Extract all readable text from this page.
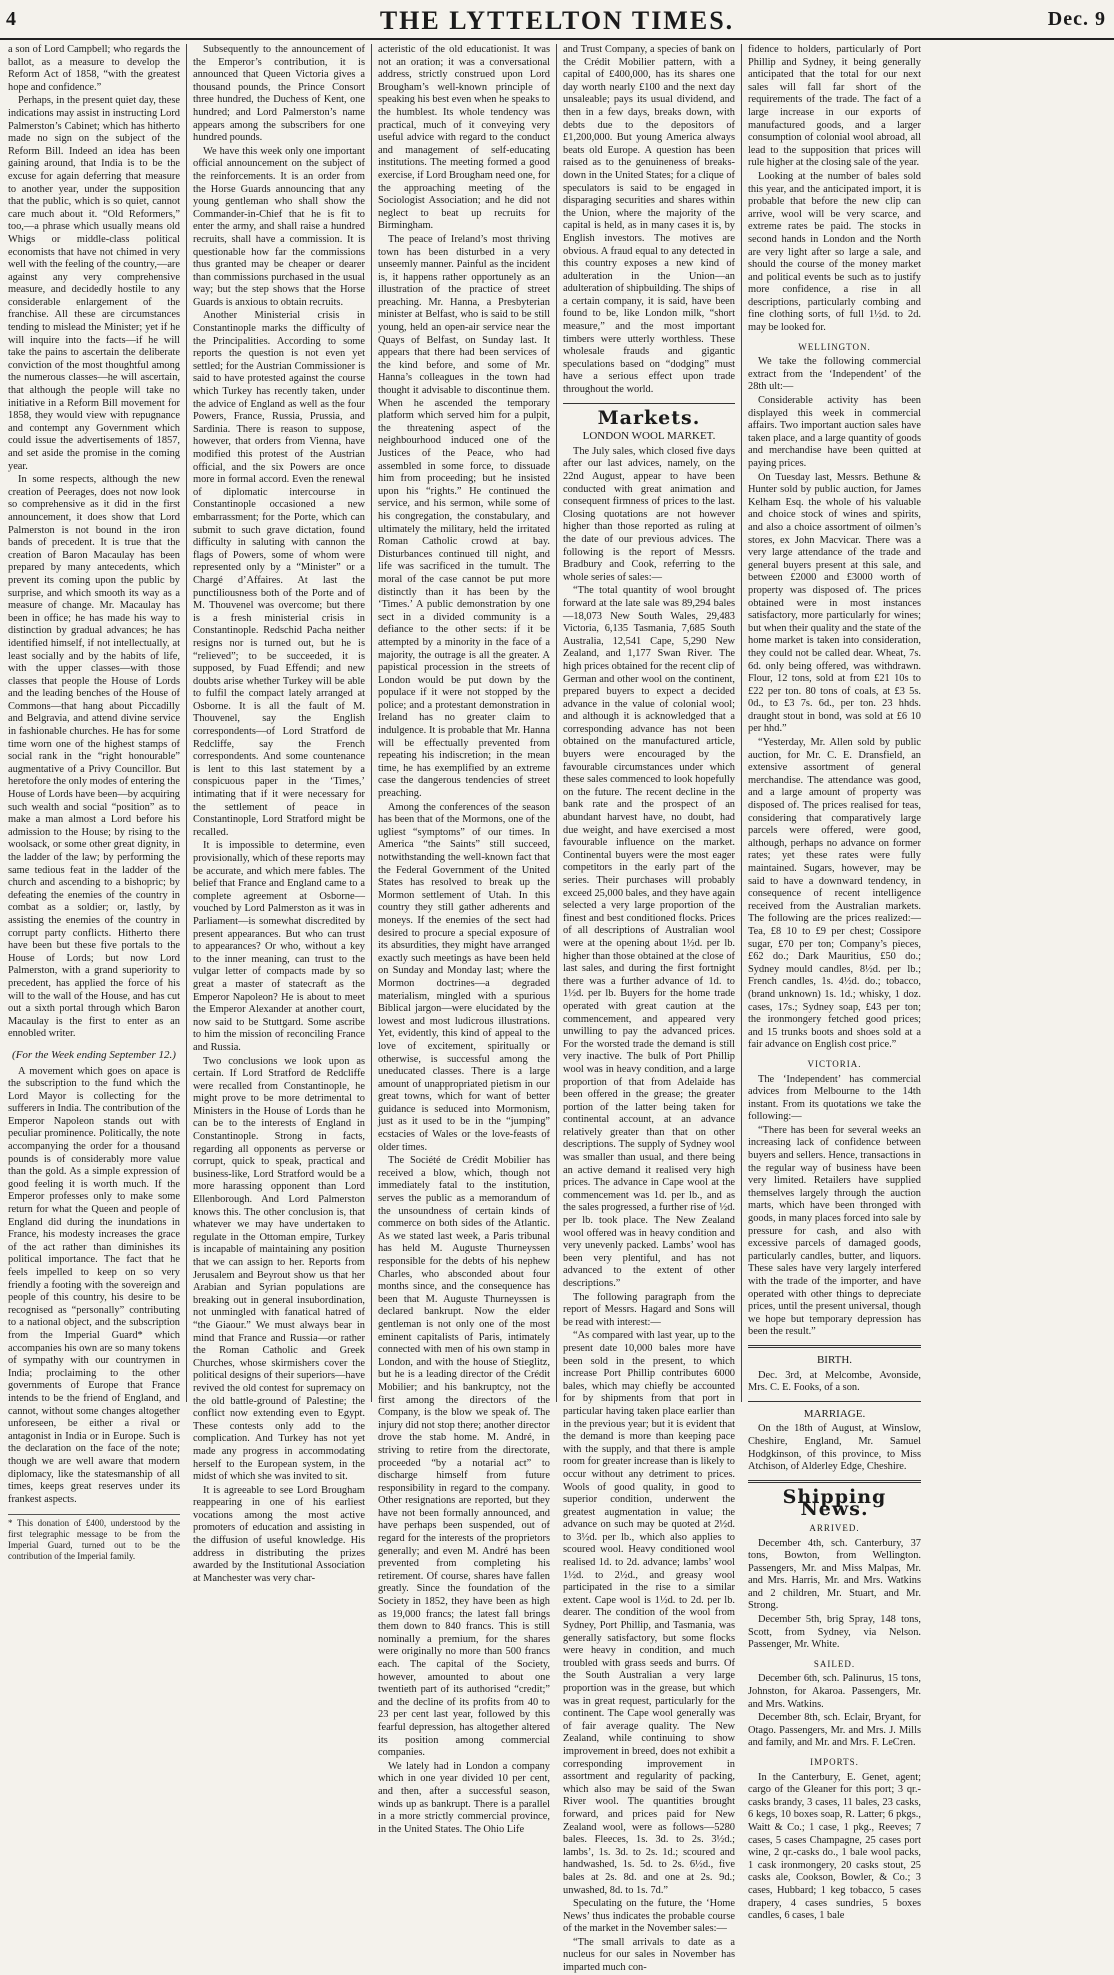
4	THE LYTTELTON TIMES.	Dec. 9

a son of Lord Campbell; who regards the ballot, as a measure to develop the Reform Act of 1858, “with the greatest hope and confidence.”

Perhaps, in the present quiet day, these indications may assist in instructing Lord Palmerston’s Cabinet; which has hitherto made no sign on the subject of the Reform Bill. Indeed an idea has been gaining around, that India is to be the excuse for again deferring that measure to another year, under the supposition that the public, which is so quiet, cannot care much about it. “Old Reformers,” too,—a phrase which usually means old Whigs or middle-class political economists that have not chimed in very well with the feeling of the country,—are against any very comprehensive measure, and decidedly hostile to any considerable enlargement of the franchise. All these are circumstances tending to mislead the Minister; yet if he will inquire into the facts—if he will take the pains to ascertain the deliberate conviction of the most thoughtful among the numerous classes—he will ascertain, that although the people will take no initiative in a Reform Bill movement for 1858, they would view with repugnance and contempt any Government which could issue the advertisements of 1857, and set aside the promise in the coming year.

In some respects, although the new creation of Peerages, does not now look so comprehensive as it did in the first announcement, it does show that Lord Palmerston is not bound in the iron bands of precedent. It is true that the creation of Baron Macaulay has been prepared by many antecedents, which prevent its coming upon the public by surprise, and which smooth its way as a measure of change. Mr. Macaulay has been in office; he has made his way to distinction by gradual advances; he has identified himself, if not intellectually, at least socially and by the habits of life, with the upper classes—with those classes that people the House of Lords and the leading benches of the House of Commons—that hang about Piccadilly and Belgravia, and attend divine service in fashionable churches. He has for some time worn one of the highest stamps of social rank in the “right honourable” augmentative of a Privy Councillor. But heretofore the only modes of entering the House of Lords have been—by acquiring such wealth and social “position” as to make a man almost a Lord before his admission to the House; by rising to the woolsack, or some other great dignity, in the ladder of the law; by performing the same tedious feat in the ladder of the church and ascending to a bishopric; by defeating the enemies of the country in combat as a soldier; or, lastly, by assisting the enemies of the country in corrupt party conflicts. Hitherto there have been but these five portals to the House of Lords; but now Lord Palmerston, with a grand superiority to precedent, has applied the force of his will to the wall of the House, and has cut out a sixth portal through which Baron Macaulay is the first to enter as an ennobled writer.

(For the Week ending September 12.)

A movement which goes on apace is the subscription to the fund which the Lord Mayor is collecting for the sufferers in India. The contribution of the Emperor Napoleon stands out with peculiar prominence. Politically, the note accompanying the order for a thousand pounds is of considerably more value than the gold. As a simple expression of good feeling it is worth much. If the Emperor professes only to make some return for what the Queen and people of England did during the inundations in France, his modesty increases the grace of the act rather than diminishes its political importance. The fact that he feels impelled to keep on so very friendly a footing with the sovereign and people of this country, his desire to be recognised as “personally” contributing to a national object, and the subscription from the Imperial Guard* which accompanies his own are so many tokens of sympathy with our countrymen in India; proclaiming to the other governments of Europe that France intends to be the friend of England, and cannot, without some changes altogether unforeseen, be either a rival or antagonist in India or in Europe. Such is the declaration on the face of the note; though we are well aware that modern diplomacy, like the statesmanship of all times, keeps great reserves under its frankest aspects.

* This donation of £400, understood by the first telegraphic message to be from the Imperial Guard, turned out to be the contribution of the Imperial family.

Subsequently to the announcement of the Emperor’s contribution, it is announced that Queen Victoria gives a thousand pounds, the Prince Consort three hundred, the Duchess of Kent, one hundred; and Lord Palmerston’s name appears among the subscribers for one hundred pounds.

We have this week only one important official announcement on the subject of the reinforcements. It is an order from the Horse Guards announcing that any young gentleman who shall show the Commander-in-Chief that he is fit to enter the army, and shall raise a hundred recruits, shall have a commission. It is questionable how far the commissions thus granted may be cheaper or dearer than commissions purchased in the usual way; but the step shows that the Horse Guards is anxious to obtain recruits.

Another Ministerial crisis in Constantinople marks the difficulty of the Principalities. According to some reports the question is not even yet settled; for the Austrian Commissioner is said to have protested against the course which Turkey has recently taken, under the advice of England as well as the four Powers, France, Russia, Prussia, and Sardinia. There is reason to suppose, however, that orders from Vienna, have modified this protest of the Austrian official, and the six Powers are once more in formal accord. Even the renewal of diplomatic intercourse in Constantinople occasioned a new embarrassment; for the Porte, which can submit to such grave dictation, found difficulty in saluting with cannon the flags of Powers, some of whom were represented only by a “Minister” or a Chargé d’Affaires. At last the punctiliousness both of the Porte and of M. Thouvenel was overcome; but there is a fresh ministerial crisis in Constantinople. Redschid Pacha neither resigns nor is turned out, but he is “relieved”; to be succeeded, it is supposed, by Fuad Effendi; and new doubts arise whether Turkey will be able to fulfil the compact lately arranged at Osborne. It is all the fault of M. Thouvenel, say the English correspondents—of Lord Stratford de Redcliffe, say the French correspondents. And some countenance is lent to this last statement by a conspicuous paper in the ‘Times,’ intimating that if it were necessary for the settlement of peace in Constantinople, Lord Stratford might be recalled.

It is impossible to determine, even provisionally, which of these reports may be accurate, and which mere fables. The belief that France and England came to a complete agreement at Osborne—vouched by Lord Palmerston as it was in Parliament—is somewhat discredited by present appearances. But who can trust to appearances? Or who, without a key to the inner meaning, can trust to the vulgar letter of compacts made by so great a master of statecraft as the Emperor Napoleon? He is about to meet the Emperor Alexander at another court, now said to be Stuttgard. Some ascribe to him the mission of reconciling France and Russia.

Two conclusions we look upon as certain. If Lord Stratford de Redcliffe were recalled from Constantinople, he might prove to be more detrimental to Ministers in the House of Lords than he can be to the interests of England in Constantinople. Strong in facts, regarding all opponents as perverse or corrupt, quick to speak, practical and business-like, Lord Stratford would be a more harassing opponent than Lord Ellenborough. And Lord Palmerston knows this. The other conclusion is, that whatever we may have undertaken to regulate in the Ottoman empire, Turkey is incapable of maintaining any position that we can assign to her. Reports from Jerusalem and Beyrout show us that her Arabian and Syrian populations are breaking out in general insubordination, not unmingled with fanatical hatred of “the Giaour.” We must always bear in mind that France and Russia—or rather the Roman Catholic and Greek Churches, whose skirmishers cover the political designs of their superiors—have revived the old contest for supremacy on the old battle-ground of Palestine; the conflict now extending even to Egypt. These contests only add to the complication. And Turkey has not yet made any progress in accommodating herself to the European system, in the midst of which she was invited to sit.

It is agreeable to see Lord Brougham reappearing in one of his earliest vocations among the most active promoters of education and assisting in the diffusion of useful knowledge. His address in distributing the prizes awarded by the Institutional Association at Manchester was very char-

acteristic of the old educationist. It was not an oration; it was a conversational address, strictly construed upon Lord Brougham’s well-known principle of speaking his best even when he speaks to the humblest. Its whole tendency was practical, much of it conveying very useful advice with regard to the conduct and management of self-educating institutions. The meeting formed a good exercise, if Lord Brougham need one, for the approaching meeting of the Sociologist Association; and he did not neglect to beat up recruits for Birmingham.

The peace of Ireland’s most thriving town has been disturbed in a very unseemly manner. Painful as the incident is, it happens rather opportunely as an illustration of the practice of street preaching. Mr. Hanna, a Presbyterian minister at Belfast, who is said to be still young, held an open-air service near the Quays of Belfast, on Sunday last. It appears that there had been services of the kind before, and some of Mr. Hanna’s colleagues in the town had thought it advisable to discontinue them. When he ascended the temporary platform which served him for a pulpit, the threatening aspect of the neighbourhood induced one of the Justices of the Peace, who had assembled in some force, to dissuade him from proceeding; but he insisted upon his “rights.” He continued the service, and his sermon, while some of his congregation, the constabulary, and ultimately the military, held the irritated Roman Catholic crowd at bay. Disturbances continued till night, and life was sacrificed in the tumult. The moral of the case cannot be put more distinctly than it has been by the ‘Times.’ A public demonstration by one sect in a divided community is a defiance to the other sects: if it be attempted by a minority in the face of a majority, the outrage is all the greater. A papistical procession in the streets of London would be put down by the populace if it were not stopped by the police; and a protestant demonstration in Ireland has no greater claim to indulgence. It is probable that Mr. Hanna will be effectually prevented from repeating his indiscretion; in the mean time, he has exemplified by an extreme case the dangerous tendencies of street preaching.

Among the conferences of the season has been that of the Mormons, one of the ugliest “symptoms” of our times. In America “the Saints” still succeed, notwithstanding the well-known fact that the Federal Government of the United States has resolved to break up the Mormon settlement of Utah. In this country they still gather adherents and moneys. If the enemies of the sect had desired to procure a special exposure of its absurdities, they might have arranged exactly such meetings as have been held on Sunday and Monday last; where the Mormon doctrines—a degraded materialism, mingled with a spurious Biblical jargon—were elucidated by the lowest and most ludicrous illustrations. Yet, evidently, this kind of appeal to the love of excitement, spiritually or otherwise, is successful among the uneducated classes. There is a large amount of unappropriated pietism in our great towns, which for want of better guidance is seduced into Mormonism, just as it used to be in the “jumping” ecstacies of Wales or the love-feasts of older times.

The Société de Crédit Mobilier has received a blow, which, though not immediately fatal to the institution, serves the public as a memorandum of the unsoundness of certain kinds of commerce on both sides of the Atlantic. As we stated last week, a Paris tribunal has held M. Auguste Thurneyssen responsible for the debts of his nephew Charles, who absconded about four months since, and the consequence has been that M. Auguste Thurneyssen is declared bankrupt. Now the elder gentleman is not only one of the most eminent capitalists of Paris, intimately connected with men of his own stamp in London, and with the house of Stieglitz, but he is a leading director of the Crédit Mobilier; and his bankruptcy, not the first among the directors of the Company, is the blow we speak of. The injury did not stop there; another director drove the stab home. M. André, in striving to retire from the directorate, proceeded “by a notarial act” to discharge himself from future responsibility in regard to the company. Other resignations are reported, but they have not been formally announced, and have perhaps been suspended, out of regard for the interests of the proprietors generally; and even M. André has been prevented from completing his retirement. Of course, shares have fallen greatly. Since the foundation of the Society in 1852, they have been as high as 19,000 francs; the latest fall brings them down to 840 francs. This is still nominally a premium, for the shares were originally no more than 500 francs each. The capital of the Society, however, amounted to about one twentieth part of its authorised “credit;” and the decline of its profits from 40 to 23 per cent last year, followed by this fearful depression, has altogether altered its position among commercial companies.

We lately had in London a company which in one year divided 10 per cent, and then, after a successful season, winds up as bankrupt. There is a parallel in a more strictly commercial province, in the United States. The Ohio Life

and Trust Company, a species of bank on the Crédit Mobilier pattern, with a capital of £400,000, has its shares one day worth nearly £100 and the next day unsaleable; pays its usual dividend, and then in a few days, breaks down, with debts due to the depositors of £1,200,000. But young America always beats old Europe. A question has been raised as to the genuineness of breaks-down in the United States; for a clique of speculators is said to be engaged in disparaging securities and shares within the Union, where the majority of the capital is held, as in many cases it is, by English investors. The motives are obvious. A fraud equal to any detected in this country exposes a new kind of adulteration in the Union—an adulteration of shipbuilding. The ships of a certain company, it is said, have been found to be, like London milk, “short measure,” and the most important timbers were utterly worthless. These wholesale frauds and gigantic speculations based on “dodging” must have a serious effect upon trade throughout the world.

Markets.
LONDON WOOL MARKET.

The July sales, which closed five days after our last advices, namely, on the 22nd August, appear to have been conducted with great animation and consequent firmness of prices to the last. Closing quotations are not however higher than those reported as ruling at the date of our previous advices. The following is the report of Messrs. Bradbury and Cook, referring to the whole series of sales:—

“The total quantity of wool brought forward at the late sale was 89,294 bales—18,073 New South Wales, 29,483 Victoria, 6,135 Tasmania, 7,685 South Australia, 12,541 Cape, 5,290 New Zealand, and 1,177 Swan River. The high prices obtained for the recent clip of German and other wool on the continent, prepared buyers to expect a decided advance in the value of colonial wool; and although it is acknowledged that a corresponding advance has not been obtained on the manufactured article, buyers were encouraged by the favourable circumstances under which these sales commenced to look hopefully on the future. The recent decline in the bank rate and the prospect of an abundant harvest have, no doubt, had due weight, and have exercised a most favourable influence on the market. Continental buyers were the most eager competitors in the early part of the series. Their purchases will probably exceed 25,000 bales, and they have again selected a very large proportion of the finest and best conditioned flocks. Prices of all descriptions of Australian wool were at the opening about 1½d. per lb. higher than those obtained at the close of last sales, and during the first fortnight there was a further advance of 1d. to 1½d. per lb. Buyers for the home trade operated with great caution at the commencement, and appeared very unwilling to pay the advanced prices. For the worsted trade the demand is still very inactive. The bulk of Port Phillip wool was in heavy condition, and a large proportion of that from Adelaide has been offered in the grease; the greater portion of the latter being taken for continental account, at an advance relatively greater than that on other descriptions. The supply of Sydney wool was smaller than usual, and there being an active demand it realised very high prices. The advance in Cape wool at the commencement was 1d. per lb., and as the sales progressed, a further rise of ½d. per lb. took place. The New Zealand wool offered was in heavy condition and very unevenly packed. Lambs’ wool has been very plentiful, and has not advanced to the extent of other descriptions.”

The following paragraph from the report of Messrs. Hagard and Sons will be read with interest:—

“As compared with last year, up to the present date 10,000 bales more have been sold in the present, to which increase Port Phillip contributes 6000 bales, which may chiefly be accounted for by shipments from that port in particular having taken place earlier than in the previous year; but it is evident that the demand is more than keeping pace with the supply, and that there is ample room for greater increase than is likely to occur without any detriment to prices. Wools of good quality, in good to superior condition, underwent the greatest augmentation in value; the advance on such may be quoted at 2½d. to 3½d. per lb., which also applies to scoured wool. Heavy conditioned wool realised 1d. to 2d. advance; lambs’ wool 1½d. to 2½d., and greasy wool participated in the rise to a similar extent. Cape wool is 1½d. to 2d. per lb. dearer. The condition of the wool from Sydney, Port Phillip, and Tasmania, was generally satisfactory, but some flocks were heavy in condition, and much troubled with grass seeds and burrs. Of the South Australian a very large proportion was in the grease, but which was in great request, particularly for the continent. The Cape wool generally was of fair average quality. The New Zealand, while continuing to show improvement in breed, does not exhibit a corresponding improvement in assortment and regularity of packing, which also may be said of the Swan River wool. The quantities brought forward, and prices paid for New Zealand wool, were as follows—5280 bales. Fleeces, 1s. 3d. to 2s. 3½d.; lambs’, 1s. 3d. to 2s. 1d.; scoured and handwashed, 1s. 5d. to 2s. 6½d., five bales at 2s. 8d. and one at 2s. 9d.; unwashed, 8d. to 1s. 7d.”

Speculating on the future, the ‘Home News’ thus indicates the probable course of the market in the November sales:—

“The small arrivals to date as a nucleus for our sales in November has imparted much con-

fidence to holders, particularly of Port Phillip and Sydney, it being generally anticipated that the total for our next sales will fall far short of the requirements of the trade. The fact of a large increase in our exports of manufactured goods, and a larger consumption of colonial wool abroad, all lead to the supposition that prices will rule higher at the closing sale of the year.

Looking at the number of bales sold this year, and the anticipated import, it is probable that before the new clip can arrive, wool will be very scarce, and extreme rates be paid. The stocks in second hands in London and the North are very light after so large a sale, and should the course of the money market and political events be such as to justify more confidence, a rise in all descriptions, particularly combing and fine clothing sorts, of full 1½d. to 2d. may be looked for.

WELLINGTON.

We take the following commercial extract from the ‘Independent’ of the 28th ult:—

Considerable activity has been displayed this week in commercial affairs. Two important auction sales have taken place, and a large quantity of goods and merchandise have been quitted at paying prices.

On Tuesday last, Messrs. Bethune & Hunter sold by public auction, for James Kelham Esq. the whole of his valuable and choice stock of wines and spirits, and also a choice assortment of oilmen’s stores, ex John Macvicar. There was a very large attendance of the trade and general buyers present at this sale, and between £2000 and £3000 worth of property was disposed of. The prices obtained were in most instances satisfactory, more particularly for wines; but when their quality and the state of the home market is taken into consideration, they could not be called dear. Wheat, 7s. 6d. only being offered, was withdrawn. Flour, 12 tons, sold at from £21 10s to £22 per ton. 80 tons of coals, at £3 5s. 0d., to £3 7s. 6d., per ton. 23 hhds. draught stout in bond, was sold at £6 10 per hhd.”

“Yesterday, Mr. Allen sold by public auction, for Mr. C. E. Dransfield, an extensive assortment of general merchandise. The attendance was good, and a large amount of property was disposed of. The prices realised for teas, considering that comparatively large parcels were offered, were good, although, perhaps no advance on former rates; yet these rates were fully maintained. Sugars, however, may be said to have a downward tendency, in consequence of recent intelligence received from the Australian markets. The following are the prices realized:—Tea, £8 10 to £9 per chest; Cossipore sugar, £70 per ton; Company’s pieces, £62 do.; Dark Mauritius, £50 do.; Sydney mould candles, 8½d. per lb.; French candles, 1s. 4½d. do.; tobacco, (brand unknown) 1s. 1d.; whisky, 1 doz. cases, 17s.; Sydney soap, £43 per ton; the ironmongery fetched good prices; and 15 trunks boots and shoes sold at a fair advance on English cost price.”

VICTORIA.

The ‘Independent’ has commercial advices from Melbourne to the 14th instant. From its quotations we take the following:—

“There has been for several weeks an increasing lack of confidence between buyers and sellers. Hence, transactions in the regular way of business have been very limited. Retailers have supplied themselves largely through the auction marts, which have been thronged with goods, in many places forced into sale by pressure for cash, and also with excessive parcels of damaged goods, particularly candles, butter, and liquors. These sales have very largely interfered with the trade of the importer, and have operated with other things to depreciate prices, until the present universal, though we hope but temporary depression has been the result.”

BIRTH.

Dec. 3rd, at Melcombe, Avonside, Mrs. C. E. Fooks, of a son.

MARRIAGE.

On the 18th of August, at Winslow, Cheshire, England, Mr. Samuel Hodgkinson, of this province, to Miss Atchison, of Alderley Edge, Cheshire.

Shipping News.
ARRIVED.

December 4th, sch. Canterbury, 37 tons, Bowton, from Wellington. Passengers, Mr. and Miss Malpas, Mr. and Mrs. Harris, Mr. and Mrs. Watkins and 2 children, Mr. Stuart, and Mr. Strong.

December 5th, brig Spray, 148 tons, Scott, from Sydney, via Nelson. Passenger, Mr. White.

SAILED.

December 6th, sch. Palinurus, 15 tons, Johnston, for Akaroa. Passengers, Mr. and Mrs. Watkins.

December 8th, sch. Eclair, Bryant, for Otago. Passengers, Mr. and Mrs. J. Mills and family, and Mr. and Mrs. F. LeCren.

IMPORTS.

In the Canterbury, E. Genet, agent; cargo of the Gleaner for this port; 3 qr.-casks brandy, 3 cases, 11 bales, 23 casks, 6 kegs, 10 boxes soap, R. Latter; 6 pkgs., Waitt & Co.; 1 case, 1 pkg., Reeves; 7 cases, 5 cases Champagne, 25 cases port wine, 2 qr.-casks do., 1 bale wool packs, 1 cask ironmongery, 20 casks stout, 25 casks ale, Cookson, Bowler, & Co.; 3 cases, Hubbard; 1 keg tobacco, 5 cases drapery, 4 cases sundries, 5 boxes candles, 6 cases, 1 bale
